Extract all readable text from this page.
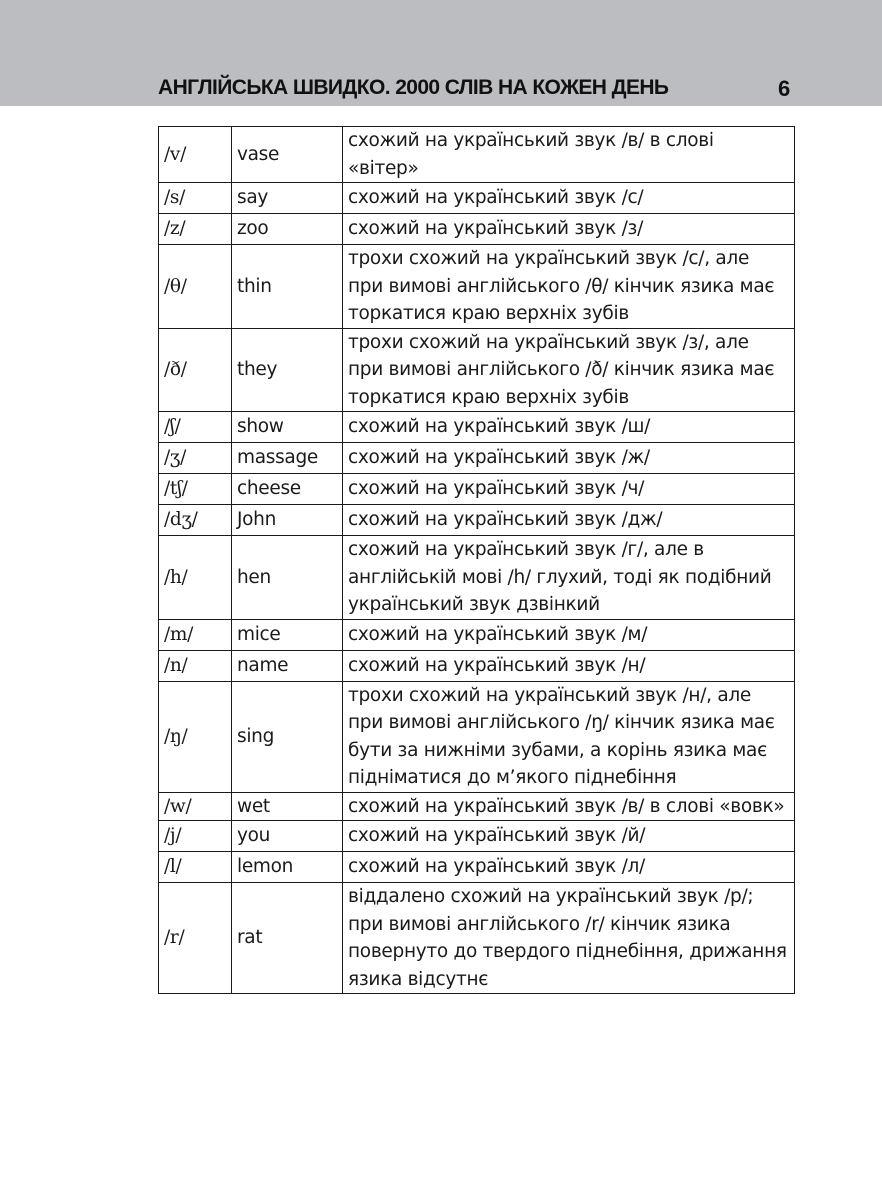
АНГЛІЙСЬКА ШВИДКО. 2000 СЛІВ НА КОЖЕН ДЕНЬ	6
/v/	vase	схожий на український звук /в/ в слові «вітер»
/s/	say	схожий на український звук /с/
/z/	zoo	схожий на український звук /з/
/θ/	thin	трохи схожий на український звук /с/, але при вимові англійського /θ/ кінчик язика має торкатися краю верхніх зубів
/ð/	they	трохи схожий на український звук /з/, але при вимові англійського /ð/ кінчик язика має торкатися краю верхніх зубів
/ʃ/	show	схожий на український звук /ш/
/ʒ/	massage	схожий на український звук /ж/
/tʃ/	cheese	схожий на український звук /ч/
/dʒ/	John	схожий на український звук /дж/
/h/	hen	схожий на український звук /г/, але в англійській мові /h/ глухий, тоді як подібний український звук дзвінкий
/m/	mice	схожий на український звук /м/
/n/	name	схожий на український звук /н/
/ŋ/	sing	трохи схожий на український звук /н/, але при вимові англійського /ŋ/ кінчик язика має бути за нижніми зубами, а корінь язика має підніматися до м’якого піднебіння
/w/	wet	схожий на український звук /в/ в слові «вовк»
/j/	you	схожий на український звук /й/
/l/	lemon	схожий на український звук /л/
/r/	rat	віддалено схожий на український звук /р/; при вимові англійського /r/ кінчик язика повернуто до твердого піднебіння, дрижання язика відсутнє
